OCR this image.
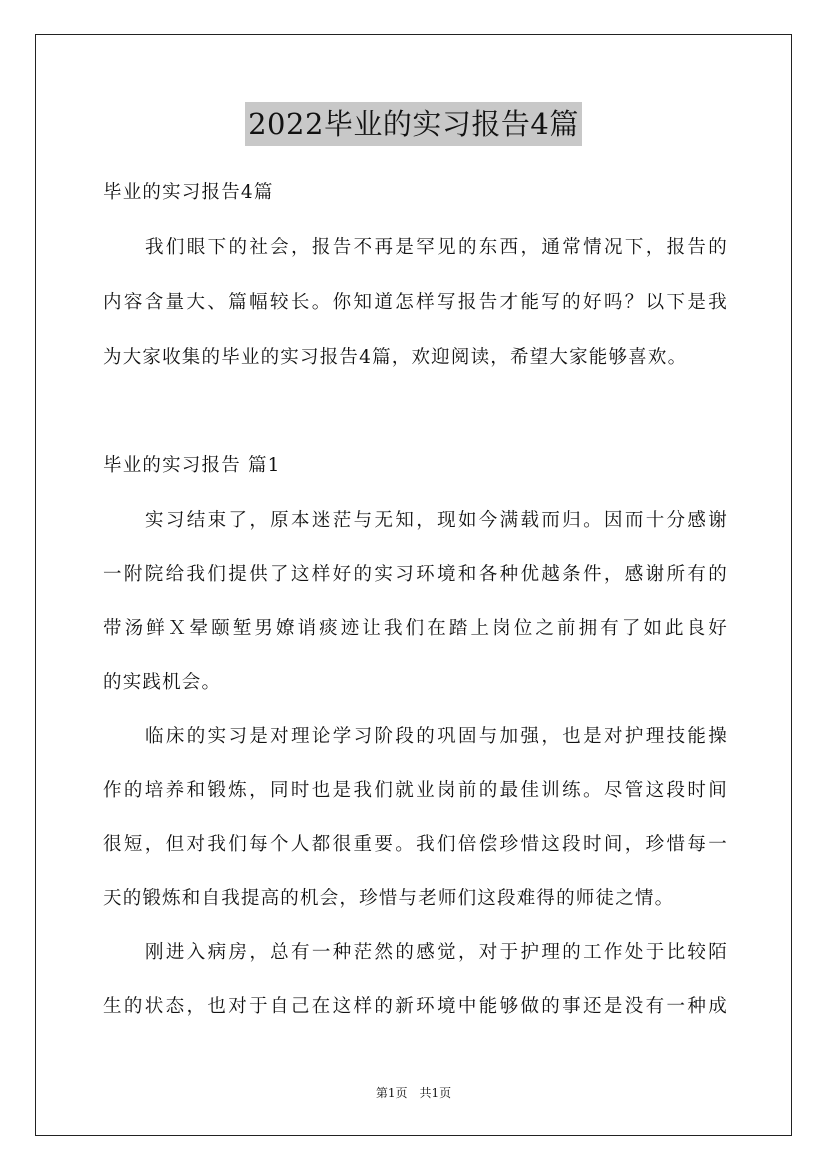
2022毕业的实习报告4篇

毕业的实习报告4篇

我们眼下的社会，报告不再是罕见的东西，通常情况下，报告的

内容含量大、篇幅较长。你知道怎样写报告才能写的好吗？以下是我

为大家收集的毕业的实习报告4篇，欢迎阅读，希望大家能够喜欢。

毕业的实习报告 篇1

实习结束了，原本迷茫与无知，现如今满载而归。因而十分感谢

一附院给我们提供了这样好的实习环境和各种优越条件，感谢所有的

带汤鲜Ｘ晕颐堑男嫽诮痰迹让我们在踏上岗位之前拥有了如此良好

的实践机会。

临床的实习是对理论学习阶段的巩固与加强，也是对护理技能操

作的培养和锻炼，同时也是我们就业岗前的最佳训练。尽管这段时间

很短，但对我们每个人都很重要。我们倍偿珍惜这段时间，珍惜每一

天的锻炼和自我提高的机会，珍惜与老师们这段难得的师徒之情。

刚进入病房，总有一种茫然的感觉，对于护理的工作处于比较陌

生的状态，也对于自己在这样的新环境中能够做的事还是没有一种成

第1页　共1页
